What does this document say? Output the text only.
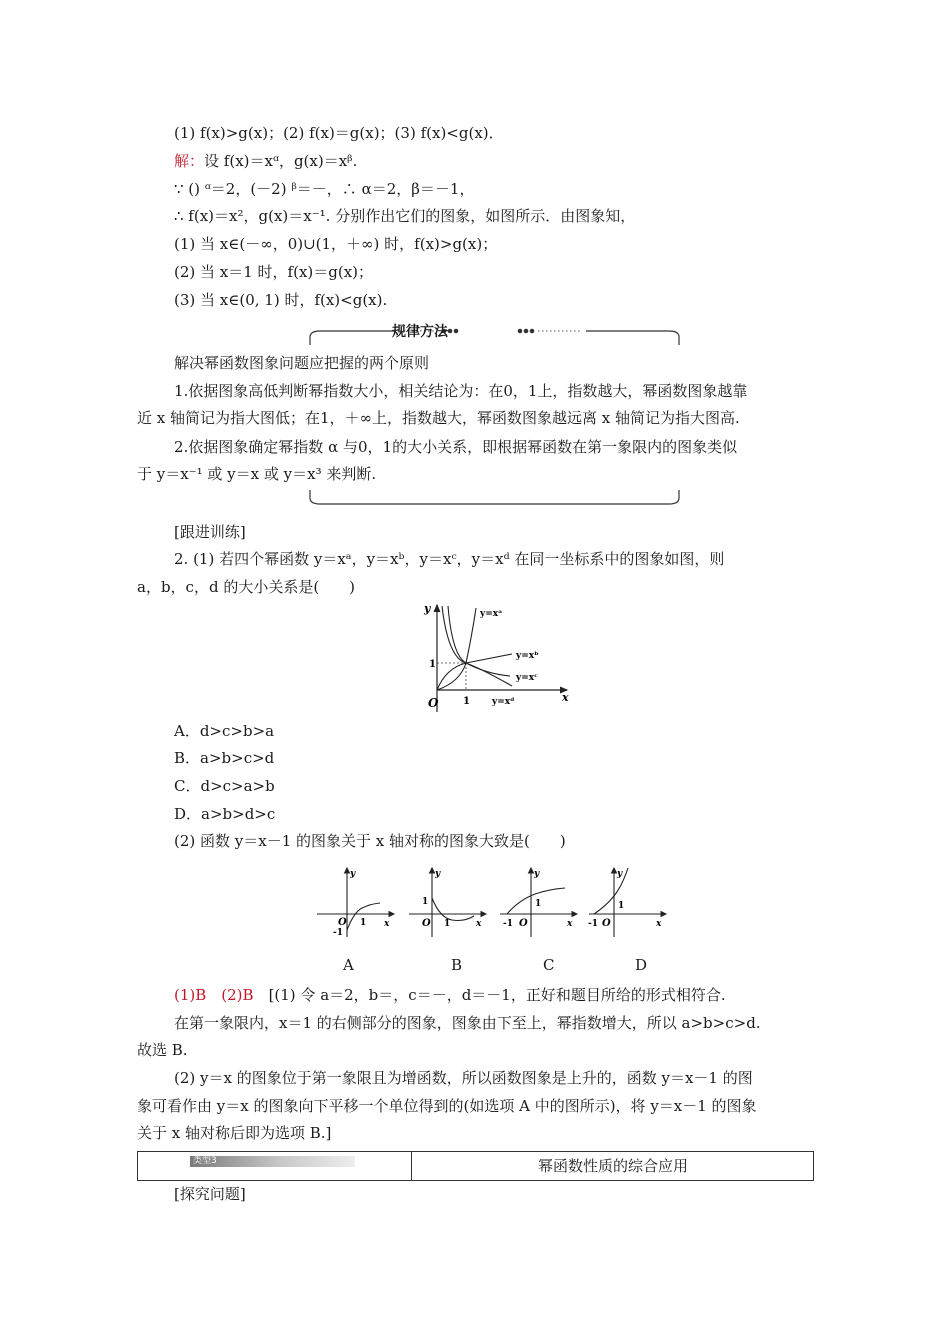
(1) f(x)>g(x)；(2) f(x)＝g(x)；(3) f(x)<g(x)．
解：设 f(x)＝xᵅ，g(x)＝xᵝ.
∵ () ᵅ＝2，(－2) ᵝ＝－，∴ α＝2，β＝－1，
∴ f(x)＝x²，g(x)＝x⁻¹. 分别作出它们的图象，如图所示．由图象知，
(1) 当 x∈(－∞，0)∪(1，＋∞) 时，f(x)>g(x)；
(2) 当 x＝1 时，f(x)＝g(x)；
(3) 当 x∈(0, 1) 时，f(x)<g(x).
规律方法
解决幂函数图象问题应把握的两个原则
1.依据图象高低判断幂指数大小，相关结论为：在0，1上，指数越大，幂函数图象越靠
近 x 轴简记为指大图低；在1，＋∞上，指数越大，幂函数图象越远离 x 轴简记为指大图高.
2.依据图象确定幂指数 α 与0，1的大小关系，即根据幂函数在第一象限内的图象类似
于 y＝x⁻¹ 或 y＝x 或 y＝x³ 来判断.
[跟进训练]
2. (1) 若四个幂函数 y＝xᵃ，y＝xᵇ，y＝xᶜ，y＝xᵈ 在同一坐标系中的图象如图，则
a，b，c，d 的大小关系是(　　)
y
x
O 1
1
y=xᵃ
y=xᵇ
y=xᶜ
y=xᵈ
A．d>c>b>a
B．a>b>c>d
C．d>c>a>b
D．a>b>d>c
(2) 函数 y＝x－1 的图象关于 x 轴对称的图象大致是(　　)
O
-1
1
y
x
1
O 1
y
x -1 O
1
y
x -1 O
1
y
x
A	B	C	D
(1)B　(2)B　 [(1) 令 a＝2，b＝，c＝－，d＝－1，正好和题目所给的形式相符合.
在第一象限内，x＝1 的右侧部分的图象，图象由下至上，幂指数增大，所以 a>b>c>d.
故选 B.
(2) y＝x 的图象位于第一象限且为增函数，所以函数图象是上升的，函数 y＝x－1 的图
象可看作由 y＝x 的图象向下平移一个单位得到的(如选项 A 中的图所示)，将 y＝x－1 的图象
关于 x 轴对称后即为选项 B.]
类型3	幂函数性质的综合应用
[探究问题]
